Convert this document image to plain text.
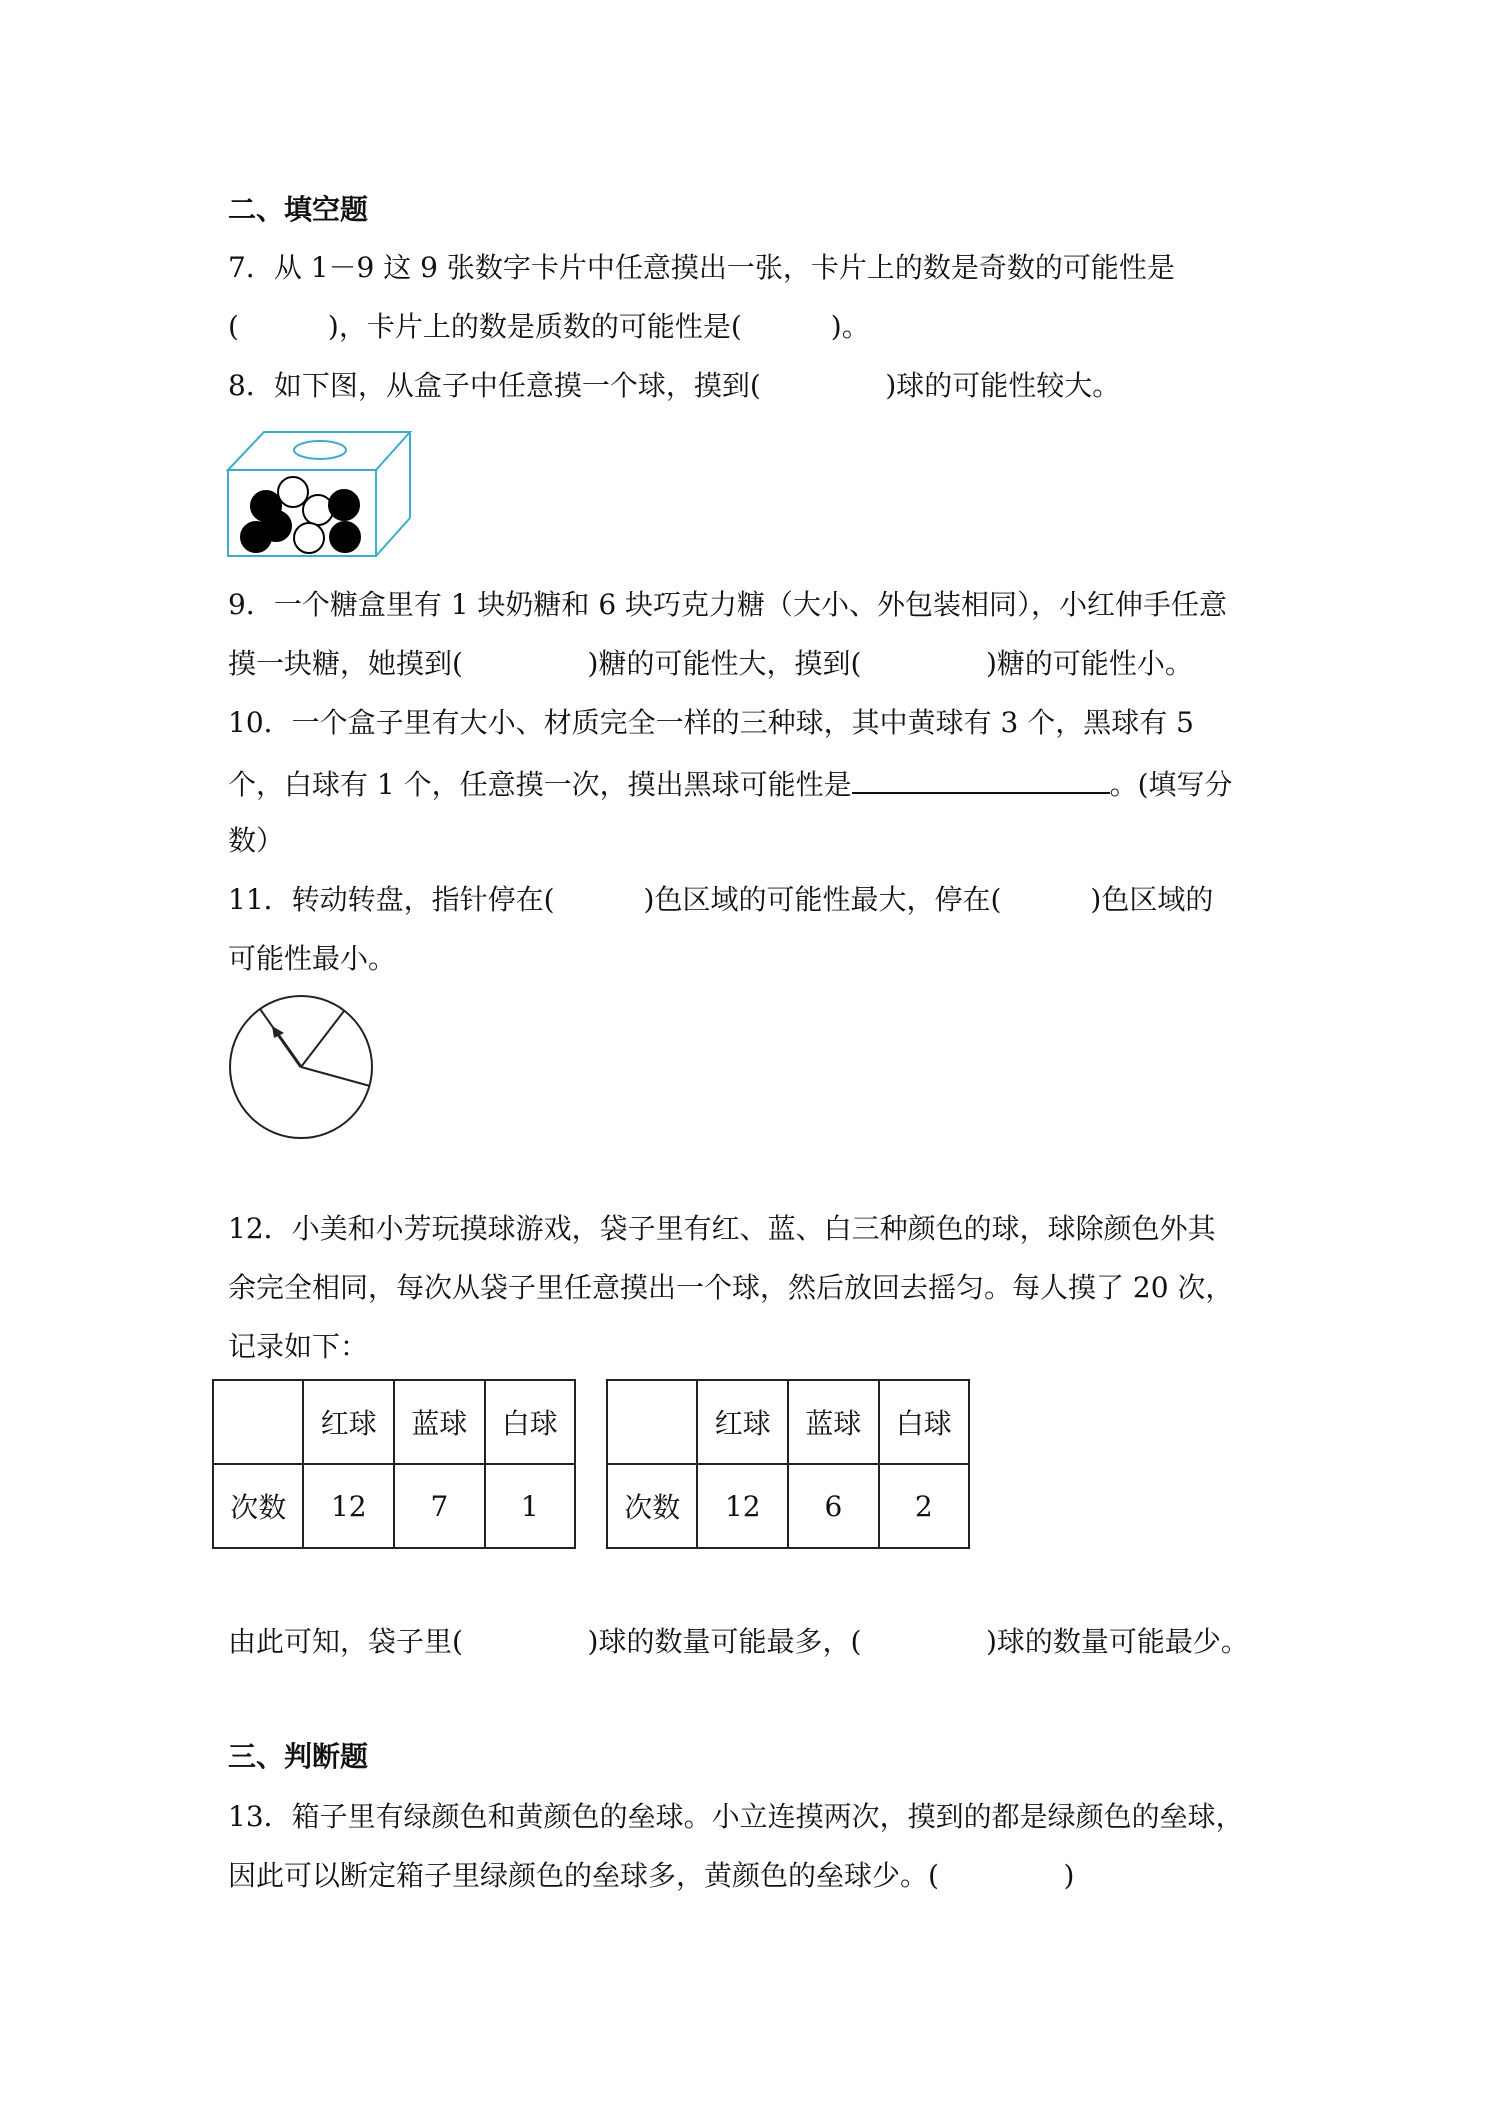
二、填空题
7．从 1－9 这 9 张数字卡片中任意摸出一张，卡片上的数是奇数的可能性是
(          )，卡片上的数是质数的可能性是(          )。
8．如下图，从盒子中任意摸一个球，摸到(              )球的可能性较大。
9．一个糖盒里有 1 块奶糖和 6 块巧克力糖（大小、外包装相同），小红伸手任意
摸一块糖，她摸到(              )糖的可能性大，摸到(              )糖的可能性小。
10．一个盒子里有大小、材质完全一样的三种球，其中黄球有 3 个，黑球有 5
个，白球有 1 个，任意摸一次，摸出黑球可能性是	。(填写分
数）
11．转动转盘，指针停在(          )色区域的可能性最大，停在(          )色区域的
可能性最小。
12．小美和小芳玩摸球游戏，袋子里有红、蓝、白三种颜色的球，球除颜色外其
余完全相同，每次从袋子里任意摸出一个球，然后放回去摇匀。每人摸了 20 次，
记录如下：
	红球	蓝球	白球
次数	12	7	1
	红球	蓝球	白球
次数	12	6	2
由此可知，袋子里(              )球的数量可能最多，(              )球的数量可能最少。
三、判断题
13．箱子里有绿颜色和黄颜色的垒球。小立连摸两次，摸到的都是绿颜色的垒球，
因此可以断定箱子里绿颜色的垒球多，黄颜色的垒球少。(              )
